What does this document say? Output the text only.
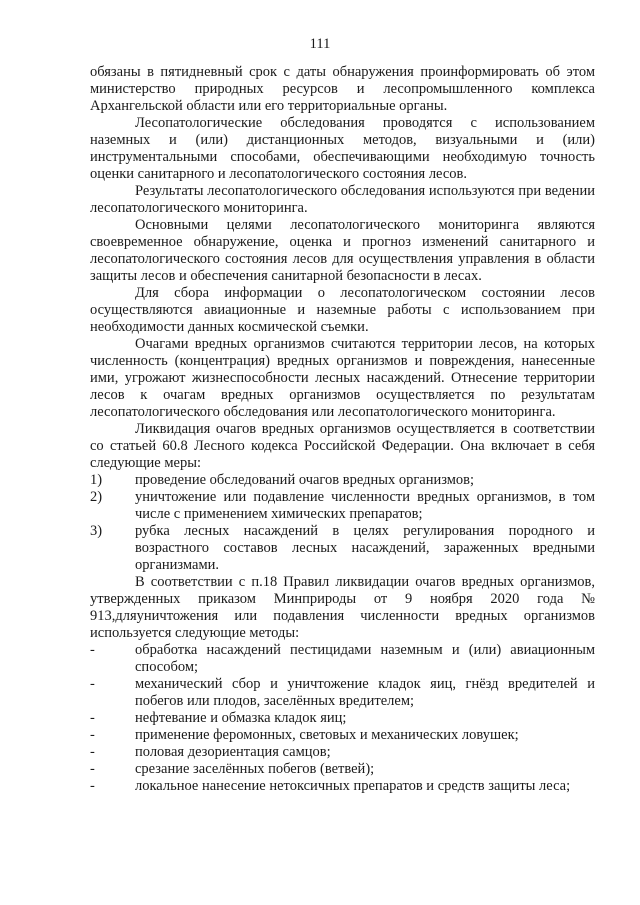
111

обязаны в пятидневный срок с даты обнаружения проинформировать об этом министерство природных ресурсов и лесопромышленного комплекса Архангельской области или его территориальные органы.

Лесопатологические обследования проводятся с использованием наземных и (или) дистанционных методов, визуальными и (или) инструментальными способами, обеспечивающими необходимую точность оценки санитарного и лесопатологического состояния лесов.

Результаты лесопатологического обследования используются при ведении лесопатологического мониторинга.

Основными целями лесопатологического мониторинга являются своевременное обнаружение, оценка и прогноз изменений санитарного и лесопатологического состояния лесов для осуществления управления в области защиты лесов и обеспечения санитарной безопасности в лесах.

Для сбора информации о лесопатологическом состоянии лесов осуществляются авиационные и наземные работы с использованием при необходимости данных космической съемки.

Очагами вредных организмов считаются территории лесов, на которых численность (концентрация) вредных организмов и повреждения, нанесенные ими, угрожают жизнеспособности лесных насаждений. Отнесение территории лесов к очагам вредных организмов осуществляется по результатам лесопатологического обследования или лесопатологического мониторинга.

Ликвидация очагов вредных организмов осуществляется в соответствии со статьей 60.8 Лесного кодекса Российской Федерации. Она включает в себя следующие меры:

1)	проведение обследований очагов вредных организмов;
2)	уничтожение или подавление численности вредных организмов, в том числе с применением химических препаратов;
3)	рубка лесных насаждений в целях регулирования породного и возрастного составов лесных насаждений, зараженных вредными организмами.

В соответствии с п.18 Правил ликвидации очагов вредных организмов, утвержденных приказом Минприроды от 9 ноября 2020 года № 913,дляуничтожения или подавления численности вредных организмов используется следующие методы:

-	обработка насаждений пестицидами наземным и (или) авиационным способом;
-	механический сбор и уничтожение кладок яиц, гнёзд вредителей и побегов или плодов, заселённых вредителем;
-	нефтевание и обмазка кладок яиц;
-	применение феромонных, световых и механических ловушек;
-	половая дезориентация самцов;
-	срезание заселённых побегов (ветвей);
-	локальное нанесение нетоксичных препаратов и средств защиты леса;
